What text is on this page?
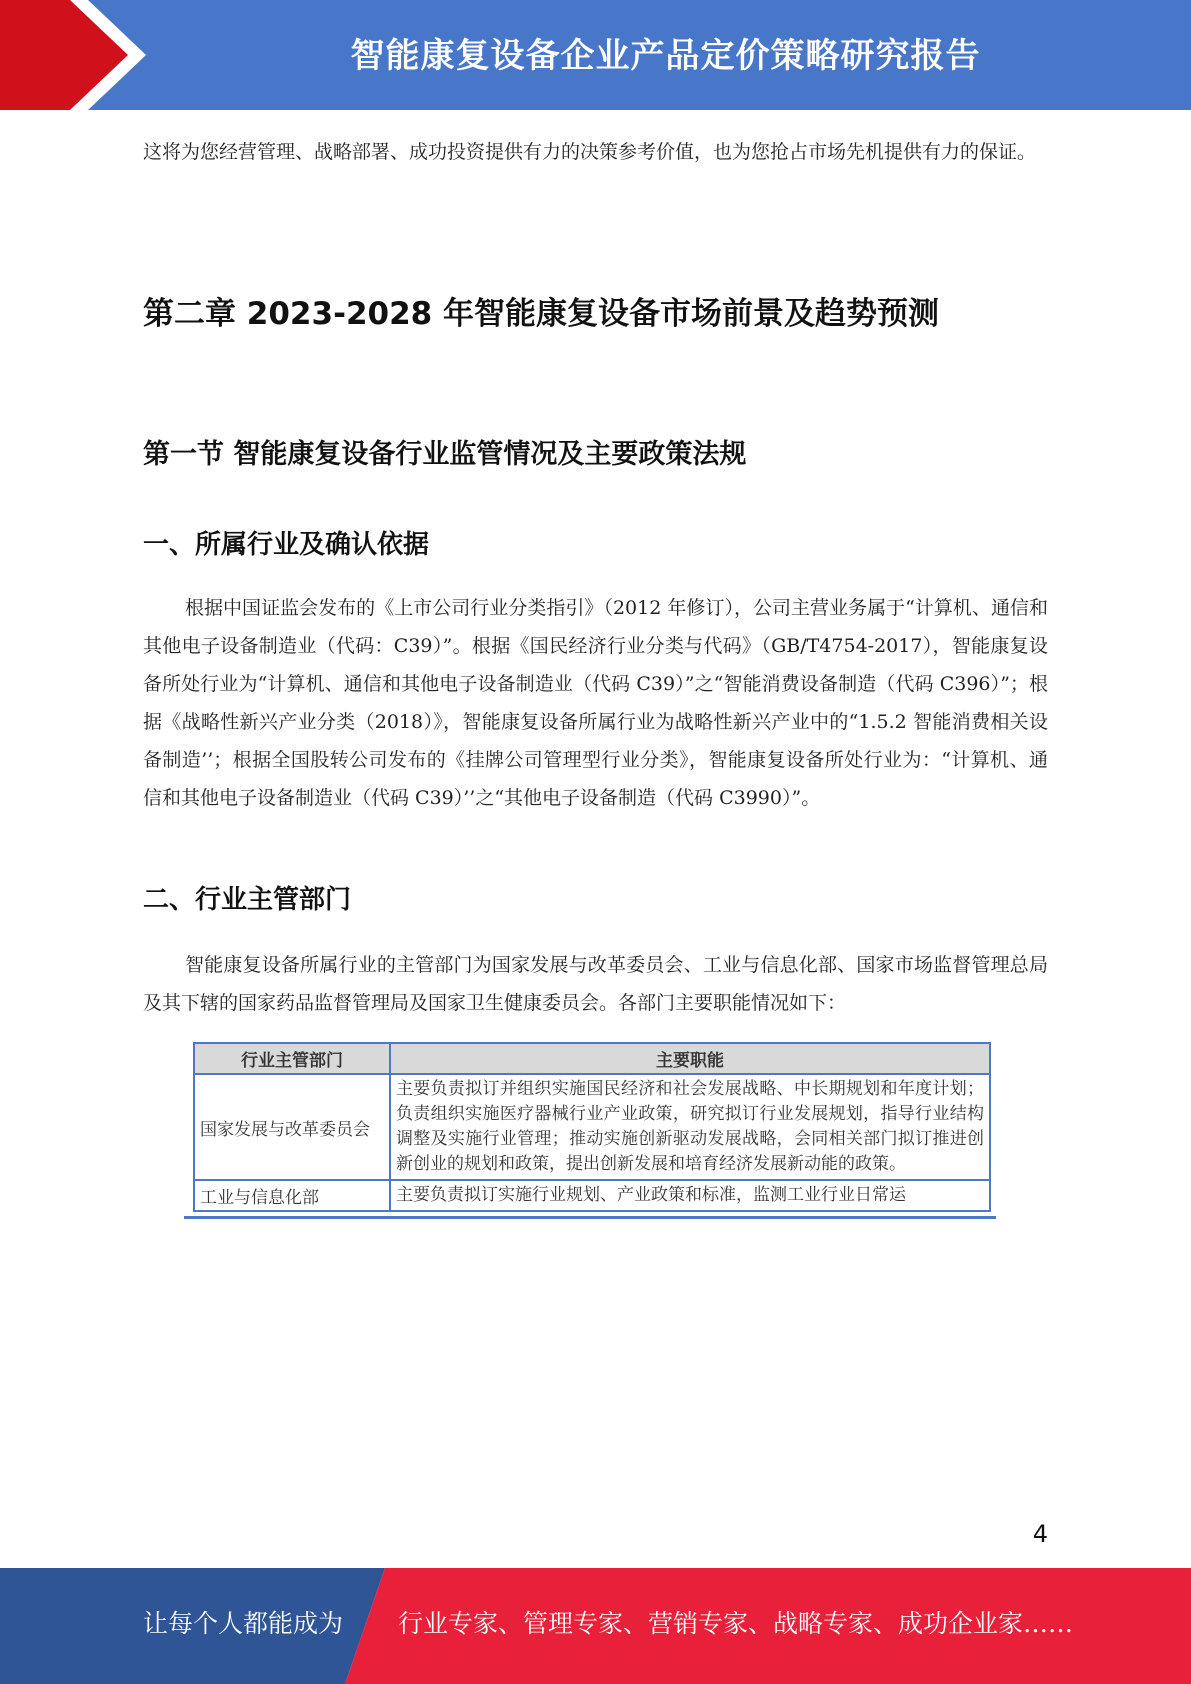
智能康复设备企业产品定价策略研究报告

这将为您经营管理、战略部署、成功投资提供有力的决策参考价值，也为您抢占市场先机提供有力的保证。

第二章 2023-2028 年智能康复设备市场前景及趋势预测
第一节 智能康复设备行业监管情况及主要政策法规
一、所属行业及确认依据

根据中国证监会发布的《上市公司行业分类指引》（2012 年修订），公司主营业务属于“计算机、通信和其他电子设备制造业（代码：C39）”。根据《国民经济行业分类与代码》（GB/T4754-2017），智能康复设备所处行业为“计算机、通信和其他电子设备制造业（代码 C39）”之“智能消费设备制造（代码 C396）”；根据《战略性新兴产业分类（2018）》，智能康复设备所属行业为战略性新兴产业中的“1.5.2 智能消费相关设备制造’’；根据全国股转公司发布的《挂牌公司管理型行业分类》，智能康复设备所处行业为：“计算机、通信和其他电子设备制造业（代码 C39）’’之“其他电子设备制造（代码 C3990）”。

二、行业主管部门

智能康复设备所属行业的主管部门为国家发展与改革委员会、工业与信息化部、国家市场监督管理总局及其下辖的国家药品监督管理局及国家卫生健康委员会。各部门主要职能情况如下：

行业主管部门	主要职能
国家发展与改革委员会	主要负责拟订并组织实施国民经济和社会发展战略、中长期规划和年度计划；负责组织实施医疗器械行业产业政策，研究拟订行业发展规划，指导行业结构调整及实施行业管理；推动实施创新驱动发展战略，会同相关部门拟订推进创新创业的规划和政策，提出创新发展和培育经济发展新动能的政策。
工业与信息化部	主要负责拟订实施行业规划、产业政策和标准，监测工业行业日常运
4
让每个人都能成为 行业专家、管理专家、营销专家、战略专家、成功企业家……
